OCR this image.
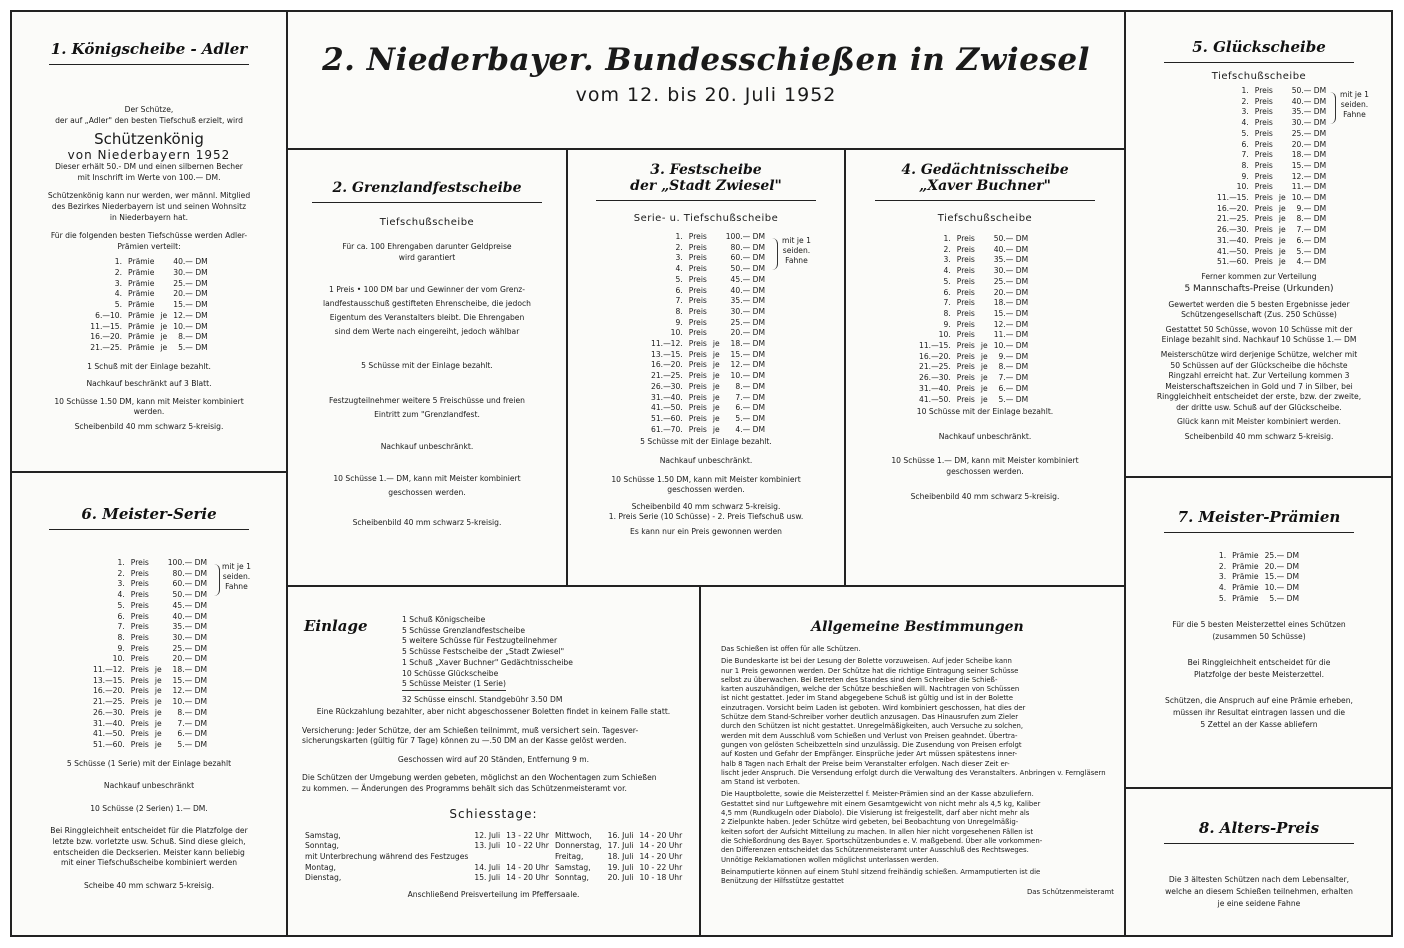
2. Niederbayer. Bundesschießen in Zwiesel
vom 12. bis 20. Juli 1952
1. Königscheibe - Adler
Der Schütze,
der auf „Adler" den besten Tiefschuß erzielt, wird
Schützenkönig
von Niederbayern 1952
Dieser erhält 50.- DM und einen silbernen Becher
mit Inschrift im Werte von 100.— DM.
Schützenkönig kann nur werden, wer männl. Mitglied
des Bezirkes Niederbayern ist und seinen Wohnsitz
in Niederbayern hat.
Für die folgenden besten Tiefschüsse werden Adler-
Prämien verteilt:
1.	Prämie		40.— DM
2.	Prämie		30.— DM
3.	Prämie		25.— DM
4.	Prämie		20.— DM
5.	Prämie		15.— DM
6.—10.	Prämie	je	12.— DM
11.—15.	Prämie	je	10.— DM
16.—20.	Prämie	je	8.— DM
21.—25.	Prämie	je	5.— DM
1 Schuß mit der Einlage bezahlt.
Nachkauf beschränkt auf 3 Blatt.
10 Schüsse 1.50 DM, kann mit Meister kombiniert
werden.
Scheibenbild 40 mm schwarz 5-kreisig.
6. Meister-Serie
1.	Preis		100.— DM
2.	Preis		80.— DM
3.	Preis		60.— DM
4.	Preis		50.— DM
5.	Preis		45.— DM
6.	Preis		40.— DM
7.	Preis		35.— DM
8.	Preis		30.— DM
9.	Preis		25.— DM
10.	Preis		20.— DM
11.—12.	Preis	je	18.— DM
13.—15.	Preis	je	15.— DM
16.—20.	Preis	je	12.— DM
21.—25.	Preis	je	10.— DM
26.—30.	Preis	je	8.— DM
31.—40.	Preis	je	7.— DM
41.—50.	Preis	je	6.— DM
51.—60.	Preis	je	5.— DM
mit je 1
seiden.
Fahne
5 Schüsse (1 Serie) mit der Einlage bezahlt
Nachkauf unbeschränkt
10 Schüsse (2 Serien) 1.— DM.
Bei Ringgleichheit entscheidet für die Platzfolge der
letzte bzw. vorletzte usw. Schuß. Sind diese gleich,
entscheiden die Deckserien. Meister kann beliebig
mit einer Tiefschußscheibe kombiniert werden
Scheibe 40 mm schwarz 5-kreisig.
2. Grenzlandfestscheibe
Tiefschußscheibe
Für ca. 100 Ehrengaben darunter Geldpreise
wird garantiert
1 Preis • 100 DM bar und Gewinner der vom Grenz-
landfestausschuß gestifteten Ehrenscheibe, die jedoch
Eigentum des Veranstalters bleibt. Die Ehrengaben
sind dem Werte nach eingereiht, jedoch wählbar
5 Schüsse mit der Einlage bezahlt.
Festzugteilnehmer weitere 5 Freischüsse und freien
Eintritt zum "Grenzlandfest.
Nachkauf unbeschränkt.
10 Schüsse 1.— DM, kann mit Meister kombiniert
geschossen werden.
Scheibenbild 40 mm schwarz 5-kreisig.
3. Festscheibe
der „Stadt Zwiesel"
Serie- u. Tiefschußscheibe
1.	Preis		100.— DM
2.	Preis		80.— DM
3.	Preis		60.— DM
4.	Preis		50.— DM
5.	Preis		45.— DM
6.	Preis		40.— DM
7.	Preis		35.— DM
8.	Preis		30.— DM
9.	Preis		25.— DM
10.	Preis		20.— DM
11.—12.	Preis	je	18.— DM
13.—15.	Preis	je	15.— DM
16.—20.	Preis	je	12.— DM
21.—25.	Preis	je	10.— DM
26.—30.	Preis	je	8.— DM
31.—40.	Preis	je	7.— DM
41.—50.	Preis	je	6.— DM
51.—60.	Preis	je	5.— DM
61.—70.	Preis	je	4.— DM
mit je 1
seiden.
Fahne
5 Schüsse mit der Einlage bezahlt.
Nachkauf unbeschränkt.
10 Schüsse 1.50 DM, kann mit Meister kombiniert
geschossen werden.
Scheibenbild 40 mm schwarz 5-kreisig.
1. Preis Serie (10 Schüsse) - 2. Preis Tiefschuß usw.
Es kann nur ein Preis gewonnen werden
4. Gedächtnisscheibe
„Xaver Buchner"
Tiefschußscheibe
1.	Preis		50.— DM
2.	Preis		40.— DM
3.	Preis		35.— DM
4.	Preis		30.— DM
5.	Preis		25.— DM
6.	Preis		20.— DM
7.	Preis		18.— DM
8.	Preis		15.— DM
9.	Preis		12.— DM
10.	Preis		11.— DM
11.—15.	Preis	je	10.— DM
16.—20.	Preis	je	9.— DM
21.—25.	Preis	je	8.— DM
26.—30.	Preis	je	7.— DM
31.—40.	Preis	je	6.— DM
41.—50.	Preis	je	5.— DM
10 Schüsse mit der Einlage bezahlt.
Nachkauf unbeschränkt.
10 Schüsse 1.— DM, kann mit Meister kombiniert
geschossen werden.
Scheibenbild 40 mm schwarz 5-kreisig.
5. Glückscheibe
Tiefschußscheibe
1.	Preis		50.— DM
2.	Preis		40.— DM
3.	Preis		35.— DM
4.	Preis		30.— DM
5.	Preis		25.— DM
6.	Preis		20.— DM
7.	Preis		18.— DM
8.	Preis		15.— DM
9.	Preis		12.— DM
10.	Preis		11.— DM
11.—15.	Preis	je	10.— DM
16.—20.	Preis	je	9.— DM
21.—25.	Preis	je	8.— DM
26.—30.	Preis	je	7.— DM
31.—40.	Preis	je	6.— DM
41.—50.	Preis	je	5.— DM
51.—60.	Preis	je	4.— DM
mit je 1
seiden.
Fahne
Ferner kommen zur Verteilung
5 Mannschafts-Preise (Urkunden)
Gewertet werden die 5 besten Ergebnisse jeder
Schützengesellschaft (Zus. 250 Schüsse)
Gestattet 50 Schüsse, wovon 10 Schüsse mit der
Einlage bezahlt sind. Nachkauf 10 Schüsse 1.— DM
Meisterschütze wird derjenige Schütze, welcher mit
50 Schüssen auf der Glückscheibe die höchste
Ringzahl erreicht hat. Zur Verteilung kommen 3
Meisterschaftszeichen in Gold und 7 in Silber, bei
Ringgleichheit entscheidet der erste, bzw. der zweite,
der dritte usw. Schuß auf der Glückscheibe.
Glück kann mit Meister kombiniert werden.
Scheibenbild 40 mm schwarz 5-kreisig.
7. Meister-Prämien
1.	Prämie	25.— DM
2.	Prämie	20.— DM
3.	Prämie	15.— DM
4.	Prämie	10.— DM
5.	Prämie	5.— DM
Für die 5 besten Meisterzettel eines Schützen
(zusammen 50 Schüsse)
Bei Ringgleichheit entscheidet für die
Platzfolge der beste Meisterzettel.
Schützen, die Anspruch auf eine Prämie erheben,
müssen ihr Resultat eintragen lassen und die
5 Zettel an der Kasse abliefern
8. Alters-Preis
Die 3 ältesten Schützen nach dem Lebensalter,
welche an diesem Schießen teilnehmen, erhalten
je eine seidene Fahne
Einlage	1 Schuß Königscheibe
5 Schüsse Grenzlandfestscheibe
5 weitere Schüsse für Festzugteilnehmer
5 Schüsse Festscheibe der „Stadt Zwiesel"
1 Schuß „Xaver Buchner" Gedächtnisscheibe
10 Schüsse Glückscheibe
5 Schüsse Meister (1 Serie)
32 Schüsse einschl. Standgebühr 3.50 DM
Eine Rückzahlung bezahlter, aber nicht abgeschossener Boletten findet in keinem Falle statt.
Versicherung: Jeder Schütze, der am Schießen teilnimmt, muß versichert sein. Tagesver-
sicherungskarten (gültig für 7 Tage) können zu —.50 DM an der Kasse gelöst werden.
Geschossen wird auf 20 Ständen, Entfernung 9 m.
Die Schützen der Umgebung werden gebeten, möglichst an den Wochentagen zum Schießen
zu kommen. — Änderungen des Programms behält sich das Schützenmeisteramt vor.
Schiesstage:
Samstag,	12. Juli	13 - 22 Uhr
Sonntag,	13. Juli	10 - 22 Uhr
mit Unterbrechung während des Festzuges		
Montag,	14. Juli	14 - 20 Uhr
Dienstag,	15. Juli	14 - 20 Uhr
Mittwoch,	16. Juli	14 - 20 Uhr
Donnerstag,	17. Juli	14 - 20 Uhr
Freitag,	18. Juli	14 - 20 Uhr
Samstag,	19. Juli	10 - 22 Uhr
Sonntag,	20. Juli	10 - 18 Uhr
Anschließend Preisverteilung im Pfeffersaale.
Allgemeine Bestimmungen
Das Schießen ist offen für alle Schützen.
Die Bundeskarte ist bei der Lesung der Bolette vorzuweisen. Auf jeder Scheibe kann
nur 1 Preis gewonnen werden. Der Schütze hat die richtige Eintragung seiner Schüsse
selbst zu überwachen. Bei Betreten des Standes sind dem Schreiber die Schieß-
karten auszuhändigen, welche der Schütze beschießen will. Nachtragen von Schüssen
ist nicht gestattet. Jeder im Stand abgegebene Schuß ist gültig und ist in der Bolette
einzutragen. Vorsicht beim Laden ist geboten. Wird kombiniert geschossen, hat dies der
Schütze dem Stand-Schreiber vorher deutlich anzusagen. Das Hinausrufen zum Zieler
durch den Schützen ist nicht gestattet. Unregelmäßigkeiten, auch Versuche zu solchen,
werden mit dem Ausschluß vom Schießen und Verlust von Preisen geahndet. Übertra-
gungen von gelösten Scheibzetteln sind unzulässig. Die Zusendung von Preisen erfolgt
auf Kosten und Gefahr der Empfänger. Einsprüche jeder Art müssen spätestens inner-
halb 8 Tagen nach Erhalt der Preise beim Veranstalter erfolgen. Nach dieser Zeit er-
lischt jeder Anspruch. Die Versendung erfolgt durch die Verwaltung des Veranstalters. Anbringen v. Ferngläsern am Stand ist verboten.
Die Hauptbolette, sowie die Meisterzettel f. Meister-Prämien sind an der Kasse abzuliefern.
Gestattet sind nur Luftgewehre mit einem Gesamtgewicht von nicht mehr als 4,5 kg, Kaliber
4,5 mm (Rundkugeln oder Diabolo). Die Visierung ist freigestellt, darf aber nicht mehr als
2 Zielpunkte haben. Jeder Schütze wird gebeten, bei Beobachtung von Unregelmäßig-
keiten sofort der Aufsicht Mitteilung zu machen. In allen hier nicht vorgesehenen Fällen ist
die Schießordnung des Bayer. Sportschützenbundes e. V. maßgebend. Über alle vorkommen-
den Differenzen entscheidet das Schützenmeisteramt unter Ausschluß des Rechtsweges.
Unnötige Reklamationen wollen möglichst unterlassen werden.
Beinamputierte können auf einem Stuhl sitzend freihändig schießen. Armamputierten ist die
Benützung der Hilfsstütze gestattet
Das Schützenmeisteramt
